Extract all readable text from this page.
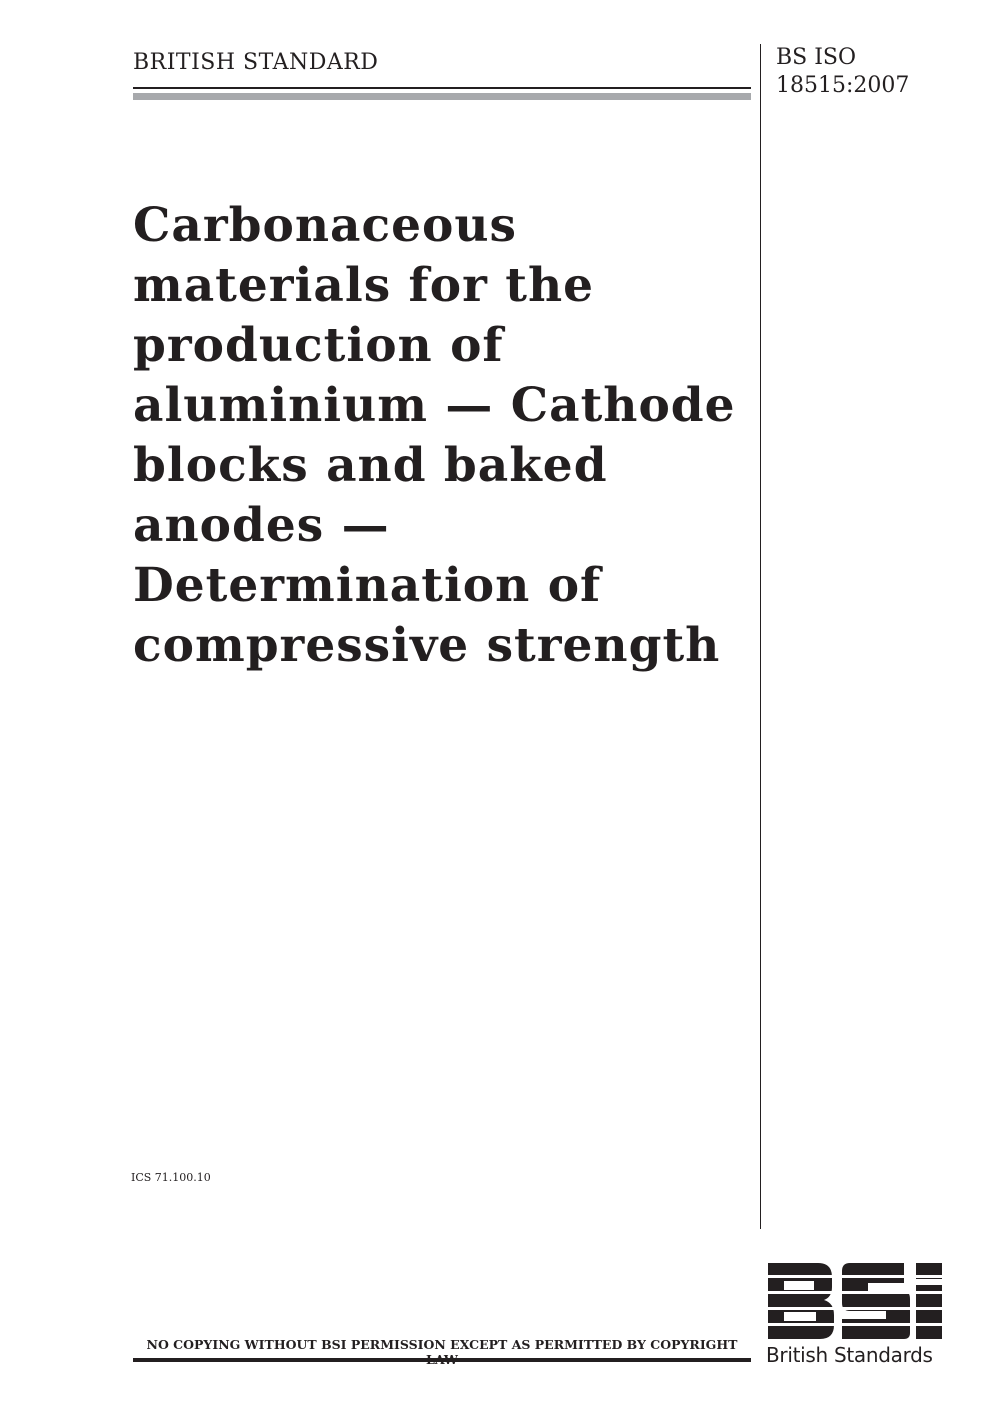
BRITISH STANDARD	BS ISO
18515:2007
Carbonaceous
materials for the
production of
aluminium — Cathode
blocks and baked
anodes —
Determination of
compressive strength
ICS 71.100.10
NO COPYING WITHOUT BSI PERMISSION EXCEPT AS PERMITTED BY COPYRIGHT	British Standards
